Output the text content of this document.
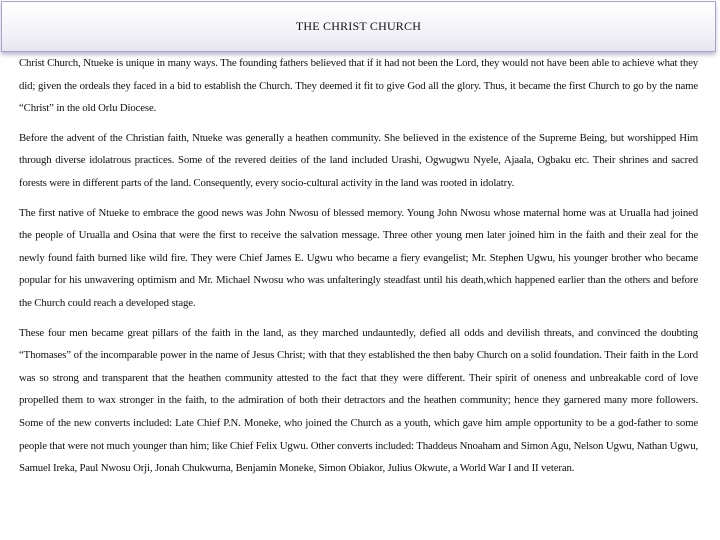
THE CHRIST CHURCH

Christ Church, Ntueke is unique in many ways. The founding fathers believed that if it had not been the Lord, they would not have been able to achieve what they did; given the ordeals they faced in a bid to establish the Church. They deemed it fit to give God all the glory. Thus, it became the first Church to go by the name “Christ” in the old Orlu Diocese.

Before the advent of the Christian faith, Ntueke was generally a heathen community. She believed in the existence of the Supreme Being, but worshipped Him through diverse idolatrous practices. Some of the revered deities of the land included Urashi, Ogwugwu Nyele, Ajaala, Ogbaku etc. Their shrines and sacred forests were in different parts of the land. Consequently, every socio-cultural activity in the land was rooted in idolatry.

The first native of Ntueke to embrace the good news was John Nwosu of blessed memory. Young John Nwosu whose maternal home was at Urualla had joined the people of Urualla and Osina that were the first to receive the salvation message. Three other young men later joined him in the faith and their zeal for the newly found faith burned like wild fire. They were Chief James E. Ugwu who became a fiery evangelist; Mr. Stephen Ugwu, his younger brother who became popular for his unwavering optimism and Mr. Michael Nwosu who was unfalteringly steadfast until his death,which happened earlier than the others and before the Church could reach a developed stage.

These four men became great pillars of the faith in the land, as they marched undauntedly, defied all odds and devilish threats, and convinced the doubting “Thomases” of the incomparable power in the name of Jesus Christ; with that they established the then baby Church on a solid foundation. Their faith in the Lord was so strong and transparent that the heathen community attested to the fact that they were different. Their spirit of oneness and unbreakable cord of love propelled them to wax stronger in the faith, to the admiration of both their detractors and the heathen community; hence they garnered many more followers. Some of the new converts included: Late Chief P.N. Moneke, who joined the Church as a youth, which gave him ample opportunity to be a god-father to some people that were not much younger than him; like Chief Felix Ugwu. Other converts included: Thaddeus Nnoaham and Simon Agu, Nelson Ugwu, Nathan Ugwu, Samuel Ireka, Paul Nwosu Orji, Jonah Chukwuma, Benjamin Moneke, Simon Obiakor, Julius Okwute, a World War I and II veteran.
